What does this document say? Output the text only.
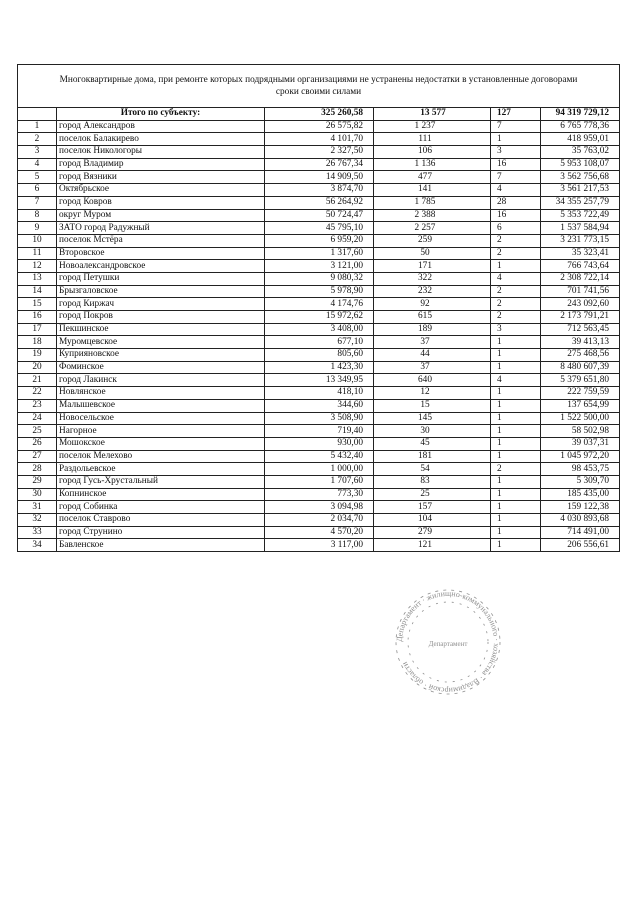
Многоквартирные дома, при ремонте которых подрядными организациями не устранены недостатки в установленные договорами сроки своими силами					
	Итого по субъекту:	325 260,58	13 577	127	94 319 729,12
1	город Александров	26 575,82	1 237	7	6 765 778,36
2	поселок Балакирево	4 101,70	111	1	418 959,01
3	поселок Никологоры	2 327,50	106	3	35 763,02
4	город Владимир	26 767,34	1 136	16	5 953 108,07
5	город Вязники	14 909,50	477	7	3 562 756,68
6	Октябрьское	3 874,70	141	4	3 561 217,53
7	город Ковров	56 264,92	1 785	28	34 355 257,79
8	округ Муром	50 724,47	2 388	16	5 353 722,49
9	ЗАТО город Радужный	45 795,10	2 257	6	1 537 584,94
10	поселок Мстёра	6 959,20	259	2	3 231 773,15
11	Второвское	1 317,60	50	2	35 323,41
12	Новоалександровское	3 121,00	171	1	766 743,64
13	город Петушки	9 080,32	322	4	2 308 722,14
14	Брызгаловское	5 978,90	232	2	701 741,56
15	город Киржач	4 174,76	92	2	243 092,60
16	город Покров	15 972,62	615	2	2 173 791,21
17	Пекшинское	3 408,00	189	3	712 563,45
18	Муромцевское	677,10	37	1	39 413,13
19	Куприяновское	805,60	44	1	275 468,56
20	Фоминское	1 423,30	37	1	8 480 607,39
21	город Лакинск	13 349,95	640	4	5 379 651,80
22	Новлянское	418,10	12	1	222 759,59
23	Малышевское	344,60	15	1	137 654,99
24	Новосельское	3 508,90	145	1	1 522 500,00
25	Нагорное	719,40	30	1	58 502,98
26	Мошокское	930,00	45	1	39 037,31
27	поселок Мелехово	5 432,40	181	1	1 045 972,20
28	Раздольевское	1 000,00	54	2	98 453,75
29	город Гусь-Хрустальный	1 707,60	83	1	5 309,70
30	Копнинское	773,30	25	1	185 435,00
31	город Собинка	3 094,98	157	1	159 122,38
32	поселок Ставрово	2 034,70	104	1	4 030 893,68
33	город Струнино	4 570,20	279	1	714 491,00
34	Бавленское	3 117,00	121	1	206 556,61
Департамент · жилищно-коммунального · хозяйства · Владимирской · области
Департамент
